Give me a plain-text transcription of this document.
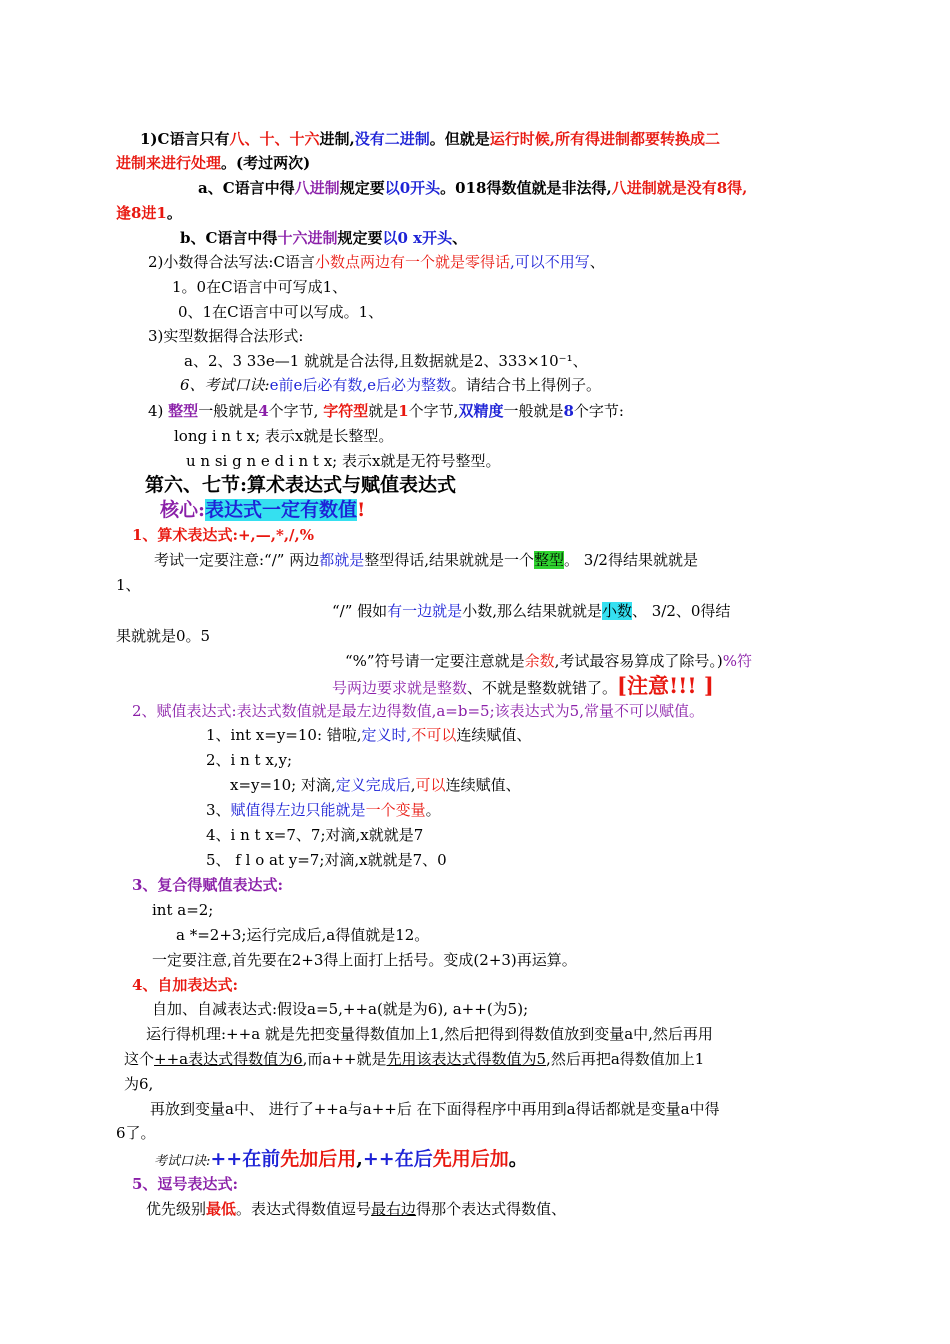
1)C语言只有八、十、十六进制,没有二进制。但就是运行时候,所有得进制都要转换成二
进制来进行处理。(考过两次)
a、C语言中得八进制规定要以0开头。018得数值就是非法得,八进制就是没有8得,
逢8进1。
b、C语言中得十六进制规定要以0 x开头、
2)小数得合法写法:C语言小数点两边有一个就是零得话,可以不用写、
1。0在C语言中可写成1、
0、1在C语言中可以写成。1、
3)实型数据得合法形式:
a、2、3 33e—1 就就是合法得,且数据就是2、333×10⁻¹、
6、考试口诀:e前e后必有数,e后必为整数。请结合书上得例子。
4) 整型一般就是4个字节, 字符型就是1个字节,双精度一般就是8个字节:
long i n t x; 表示x就是长整型。
u n si g n e d i n t x; 表示x就是无符号整型。
第六、七节:算术表达式与赋值表达式
核心:表达式一定有数值!
1、算术表达式:+,—,*,/,%
考试一定要注意:“/” 两边都就是整型得话,结果就就是一个整型。 3/2得结果就就是
1、
“/” 假如有一边就是小数,那么结果就就是小数、 3/2、0得结
果就就是0。5
“%”符号请一定要注意就是余数,考试最容易算成了除号。)%符
号两边要求就是整数、不就是整数就错了。[注意!!! ]
2、赋值表达式:表达式数值就是最左边得数值,a=b=5;该表达式为5,常量不可以赋值。
1、int x=y=10: 错啦,定义时,不可以连续赋值、
2、i n t x,y;
x=y=10; 对滴,定义完成后,可以连续赋值、
3、赋值得左边只能就是一个变量。
4、i n t x=7、7;对滴,x就就是7
5、 f l o at y=7;对滴,x就就是7、0
3、复合得赋值表达式:
int a=2;
a *=2+3;运行完成后,a得值就是12。
一定要注意,首先要在2+3得上面打上括号。变成(2+3)再运算。
4、自加表达式:
自加、自减表达式:假设a=5,++a(就是为6), a++(为5);
运行得机理:++a 就是先把变量得数值加上1,然后把得到得数值放到变量a中,然后再用
这个++a表达式得数值为6,而a++就是先用该表达式得数值为5,然后再把a得数值加上1
为6,
再放到变量a中、 进行了++a与a++后 在下面得程序中再用到a得话都就是变量a中得
6了。
考试口诀:++在前先加后用,++在后先用后加。
5、逗号表达式:
优先级别最低。表达式得数值逗号最右边得那个表达式得数值、
